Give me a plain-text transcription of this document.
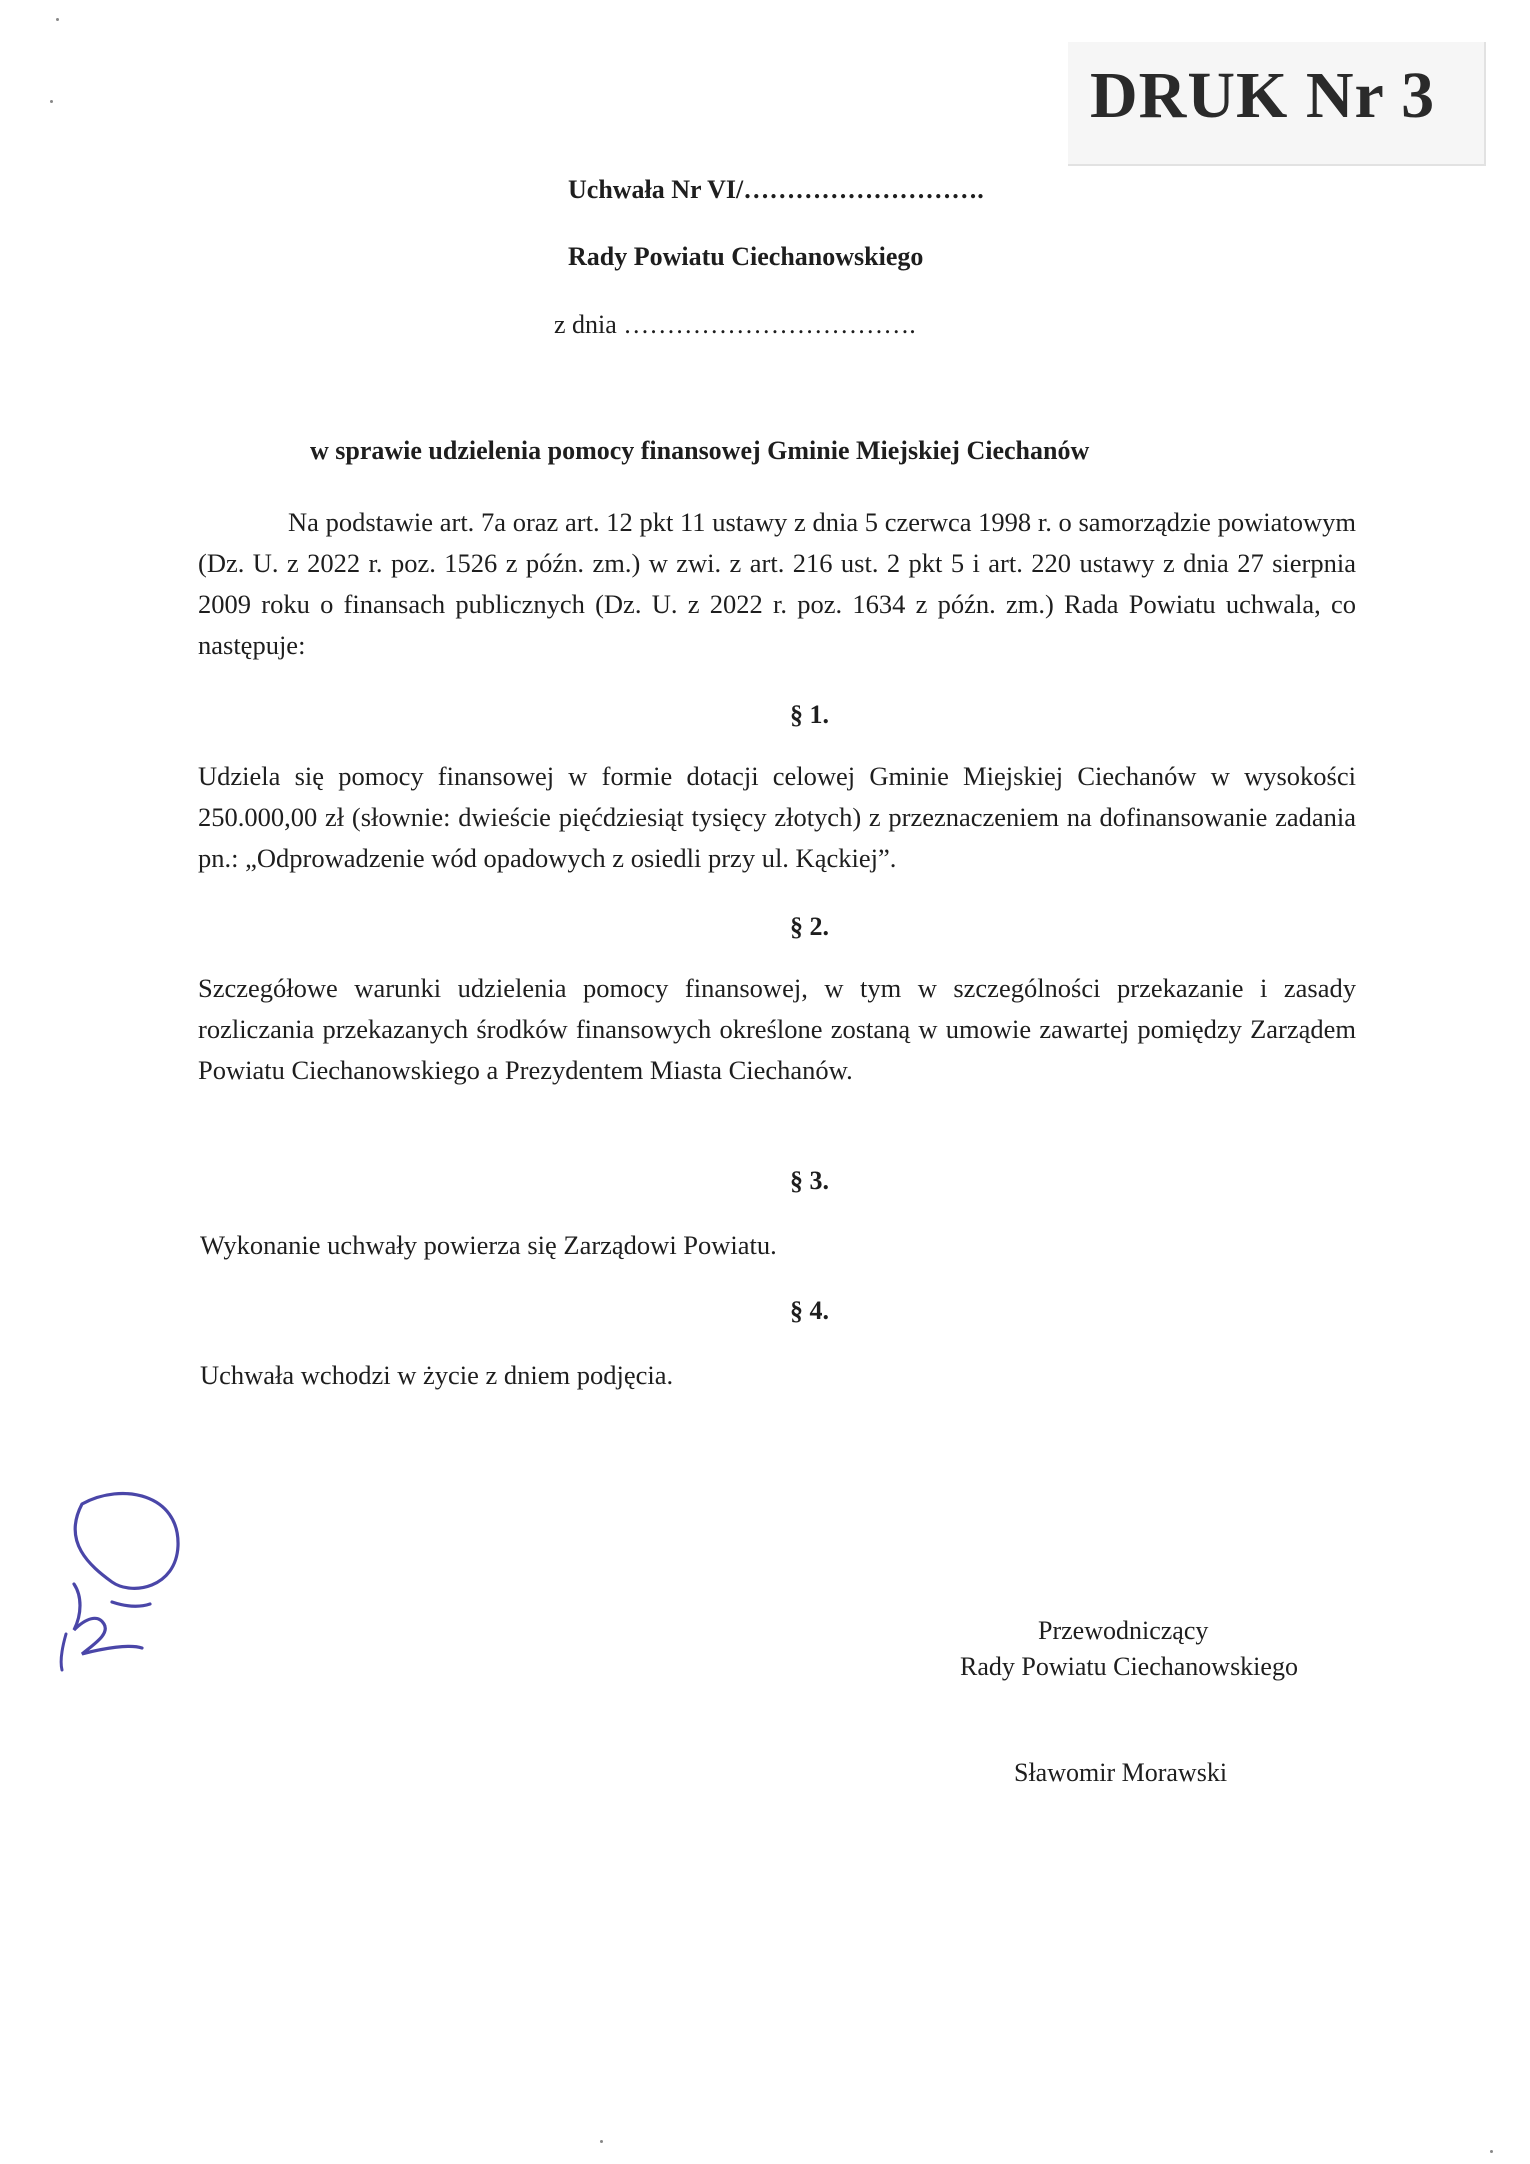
DRUK Nr 3
Uchwała Nr VI/……………………….
Rady Powiatu Ciechanowskiego
z dnia …………………………….
w sprawie udzielenia pomocy finansowej Gminie Miejskiej Ciechanów
Na podstawie art. 7a oraz art. 12 pkt 11 ustawy z dnia 5 czerwca 1998 r. o samorządzie powiatowym (Dz. U. z 2022 r. poz. 1526 z późn. zm.) w zwi. z art. 216 ust. 2 pkt 5 i art. 220 ustawy z dnia 27 sierpnia 2009 roku o finansach publicznych (Dz. U. z 2022 r. poz. 1634 z późn. zm.) Rada Powiatu uchwala, co następuje:
§ 1.
Udziela się pomocy finansowej w formie dotacji celowej Gminie Miejskiej Ciechanów w wysokości 250.000,00 zł (słownie: dwieście pięćdziesiąt tysięcy złotych) z przeznaczeniem na dofinansowanie zadania pn.: „Odprowadzenie wód opadowych z osiedli przy ul. Kąckiej”.
§ 2.
Szczegółowe warunki udzielenia pomocy finansowej, w tym w szczególności przekazanie i zasady rozliczania przekazanych środków finansowych określone zostaną w umowie zawartej pomiędzy Zarządem Powiatu Ciechanowskiego a Prezydentem Miasta Ciechanów.
§ 3.
Wykonanie uchwały powierza się Zarządowi Powiatu.
§ 4.
Uchwała wchodzi w życie z dniem podjęcia.
Przewodniczący
Rady Powiatu Ciechanowskiego
Sławomir Morawski
